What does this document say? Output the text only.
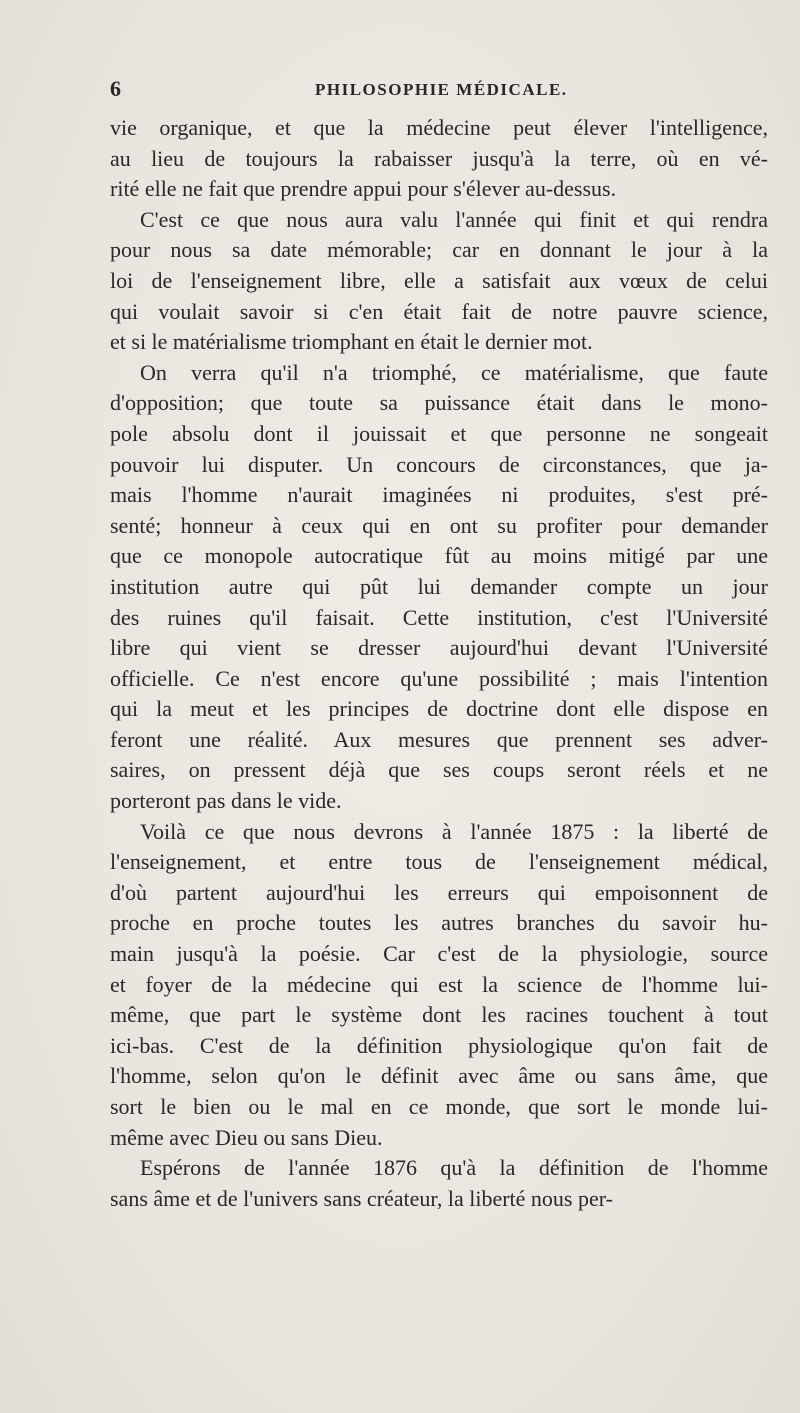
6	PHILOSOPHIE MÉDICALE.

vie organique, et que la médecine peut élever l'intelligence,
au lieu de toujours la rabaisser jusqu'à la terre, où en vé-
rité elle ne fait que prendre appui pour s'élever au-dessus.

C'est ce que nous aura valu l'année qui finit et qui rendra
pour nous sa date mémorable; car en donnant le jour à la
loi de l'enseignement libre, elle a satisfait aux vœux de celui
qui voulait savoir si c'en était fait de notre pauvre science,
et si le matérialisme triomphant en était le dernier mot.

On verra qu'il n'a triomphé, ce matérialisme, que faute
d'opposition; que toute sa puissance était dans le mono-
pole absolu dont il jouissait et que personne ne songeait
pouvoir lui disputer. Un concours de circonstances, que ja-
mais l'homme n'aurait imaginées ni produites, s'est pré-
senté; honneur à ceux qui en ont su profiter pour demander
que ce monopole autocratique fût au moins mitigé par une
institution autre qui pût lui demander compte un jour
des ruines qu'il faisait. Cette institution, c'est l'Université
libre qui vient se dresser aujourd'hui devant l'Université
officielle. Ce n'est encore qu'une possibilité ; mais l'intention
qui la meut et les principes de doctrine dont elle dispose en
feront une réalité. Aux mesures que prennent ses adver-
saires, on pressent déjà que ses coups seront réels et ne
porteront pas dans le vide.

Voilà ce que nous devrons à l'année 1875 : la liberté de
l'enseignement, et entre tous de l'enseignement médical,
d'où partent aujourd'hui les erreurs qui empoisonnent de
proche en proche toutes les autres branches du savoir hu-
main jusqu'à la poésie. Car c'est de la physiologie, source
et foyer de la médecine qui est la science de l'homme lui-
même, que part le système dont les racines touchent à tout
ici-bas. C'est de la définition physiologique qu'on fait de
l'homme, selon qu'on le définit avec âme ou sans âme, que
sort le bien ou le mal en ce monde, que sort le monde lui-
même avec Dieu ou sans Dieu.

Espérons de l'année 1876 qu'à la définition de l'homme
sans âme et de l'univers sans créateur, la liberté nous per-
